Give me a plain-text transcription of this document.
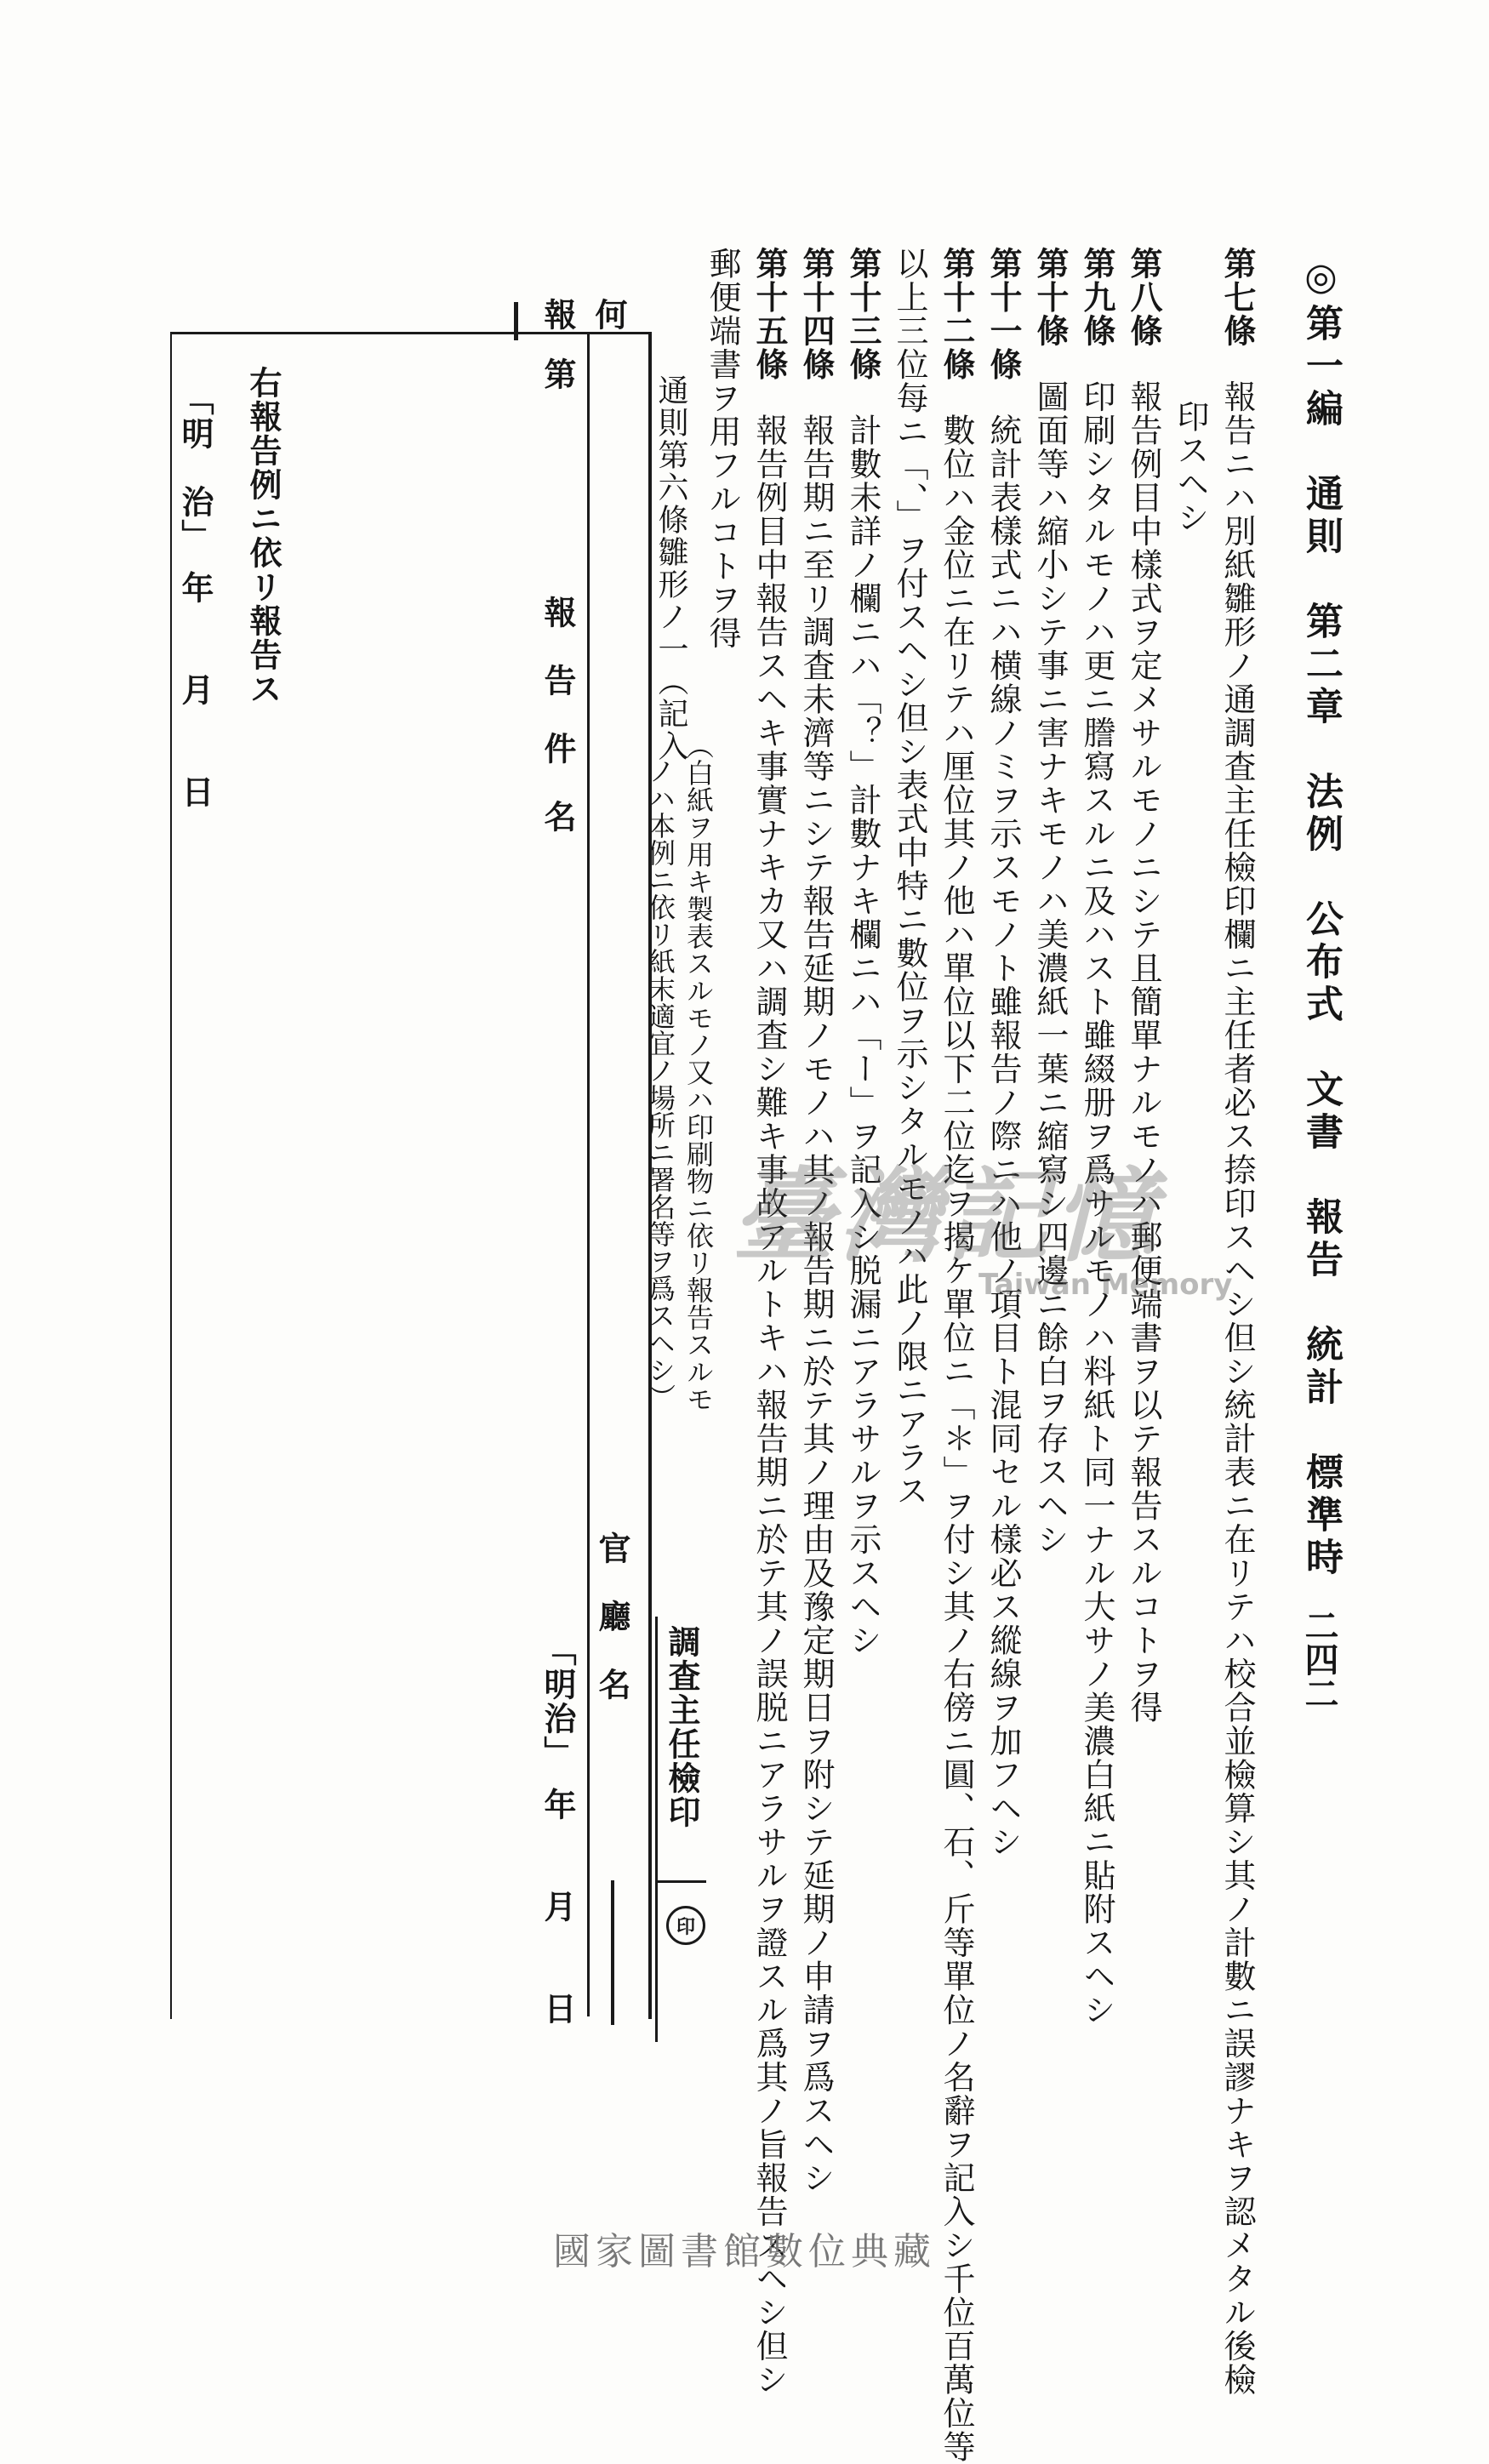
◎第一編　通則　第二章　法例　公布式　文書　報告　統計　標準時
二四二
第七條報告ニハ別紙雛形ノ通調査主任檢印欄ニ主任者必ス捺印スヘシ但シ統計表ニ在リテハ校合並檢算シ其ノ計數ニ誤謬ナキヲ認メタル後檢
印スヘシ
第八條報告例目中樣式ヲ定メサルモノニシテ且簡單ナルモノハ郵便端書ヲ以テ報告スルコトヲ得
第九條印刷シタルモノハ更ニ謄寫スルニ及ハスト雖綴册ヲ爲サルモノハ料紙ト同一ナル大サノ美濃白紙ニ貼附スヘシ
第十條圖面等ハ縮小シテ事ニ害ナキモノハ美濃紙一葉ニ縮寫シ四邊ニ餘白ヲ存スヘシ
第十一條統計表樣式ニハ横線ノミヲ示スモノト雖報告ノ際ニハ他ノ項目ト混同セル樣必ス縱線ヲ加フヘシ
第十二條數位ハ金位ニ在リテハ厘位其ノ他ハ單位以下二位迄ヲ揭ケ單位ニ「＊」ヲ付シ其ノ右傍ニ圓、石、斤等單位ノ名辭ヲ記入シ千位百萬位等
以上三位每ニ「、」ヲ付スヘシ但シ表式中特ニ數位ヲ示シタルモノハ此ノ限ニアラス
第十三條計數未詳ノ欄ニハ「？」計數ナキ欄ニハ「ー」ヲ記入シ脱漏ニアラサルヲ示スヘシ
第十四條報告期ニ至リ調査未濟等ニシテ報告延期ノモノハ其ノ報告期ニ於テ其ノ理由及豫定期日ヲ附シテ延期ノ申請ヲ爲スヘシ
第十五條報告例目中報告スヘキ事實ナキカ又ハ調査シ難キ事故アルトキハ報告期ニ於テ其ノ誤脱ニアラサルヲ證スル爲其ノ旨報告スヘシ但シ
郵便端書ヲ用フルコトヲ得
通則第六條雛形ノ一（記入
（白紙ヲ用キ製表スルモノ又ハ印刷物ニ依リ報告スルモ
ノハ本例ニ依リ紙末適宜ノ場所ニ署名等ヲ爲スヘシ）
調査主任檢印
印
何
報
第
報　告　件　名
官　廳　名
「明治」　年　　月　　日
右報告例ニ依リ報告ス
「明　治」　年　　月　　日
臺灣記憶
Taiwan Memory
國家圖書館數位典藏
